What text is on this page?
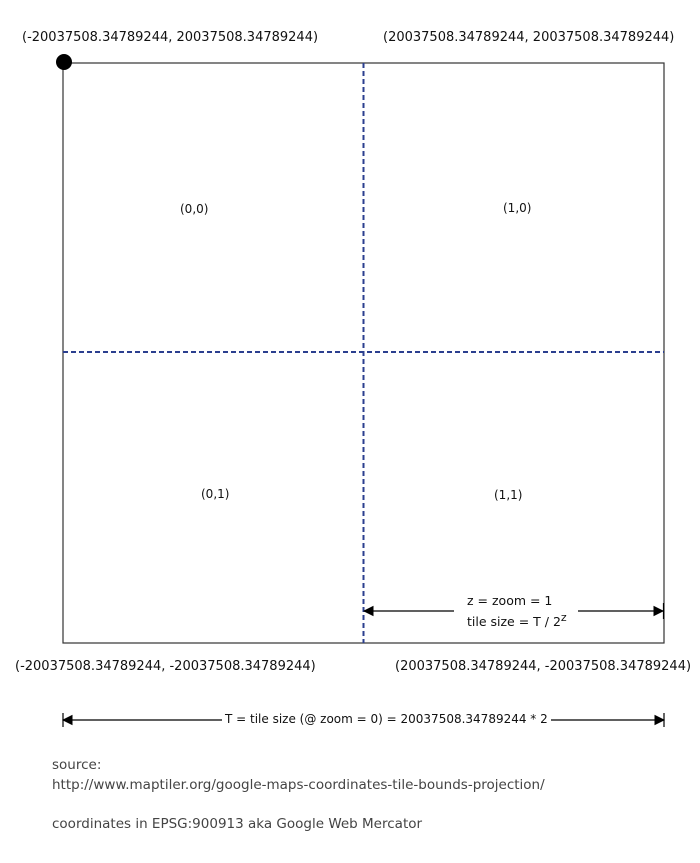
(-20037508.34789244, 20037508.34789244)	(20037508.34789244, 20037508.34789244)
(-20037508.34789244, -20037508.34789244)	(20037508.34789244, -20037508.34789244)
(0,0)	(1,0)
(0,1)	(1,1)
z = zoom = 1
tile size = T / 2$^z$
T = tile size (@ zoom = 0) = 20037508.34789244 * 2
source:
http://www.maptiler.org/google-maps-coordinates-tile-bounds-projection/
coordinates in EPSG:900913 aka Google Web Mercator
